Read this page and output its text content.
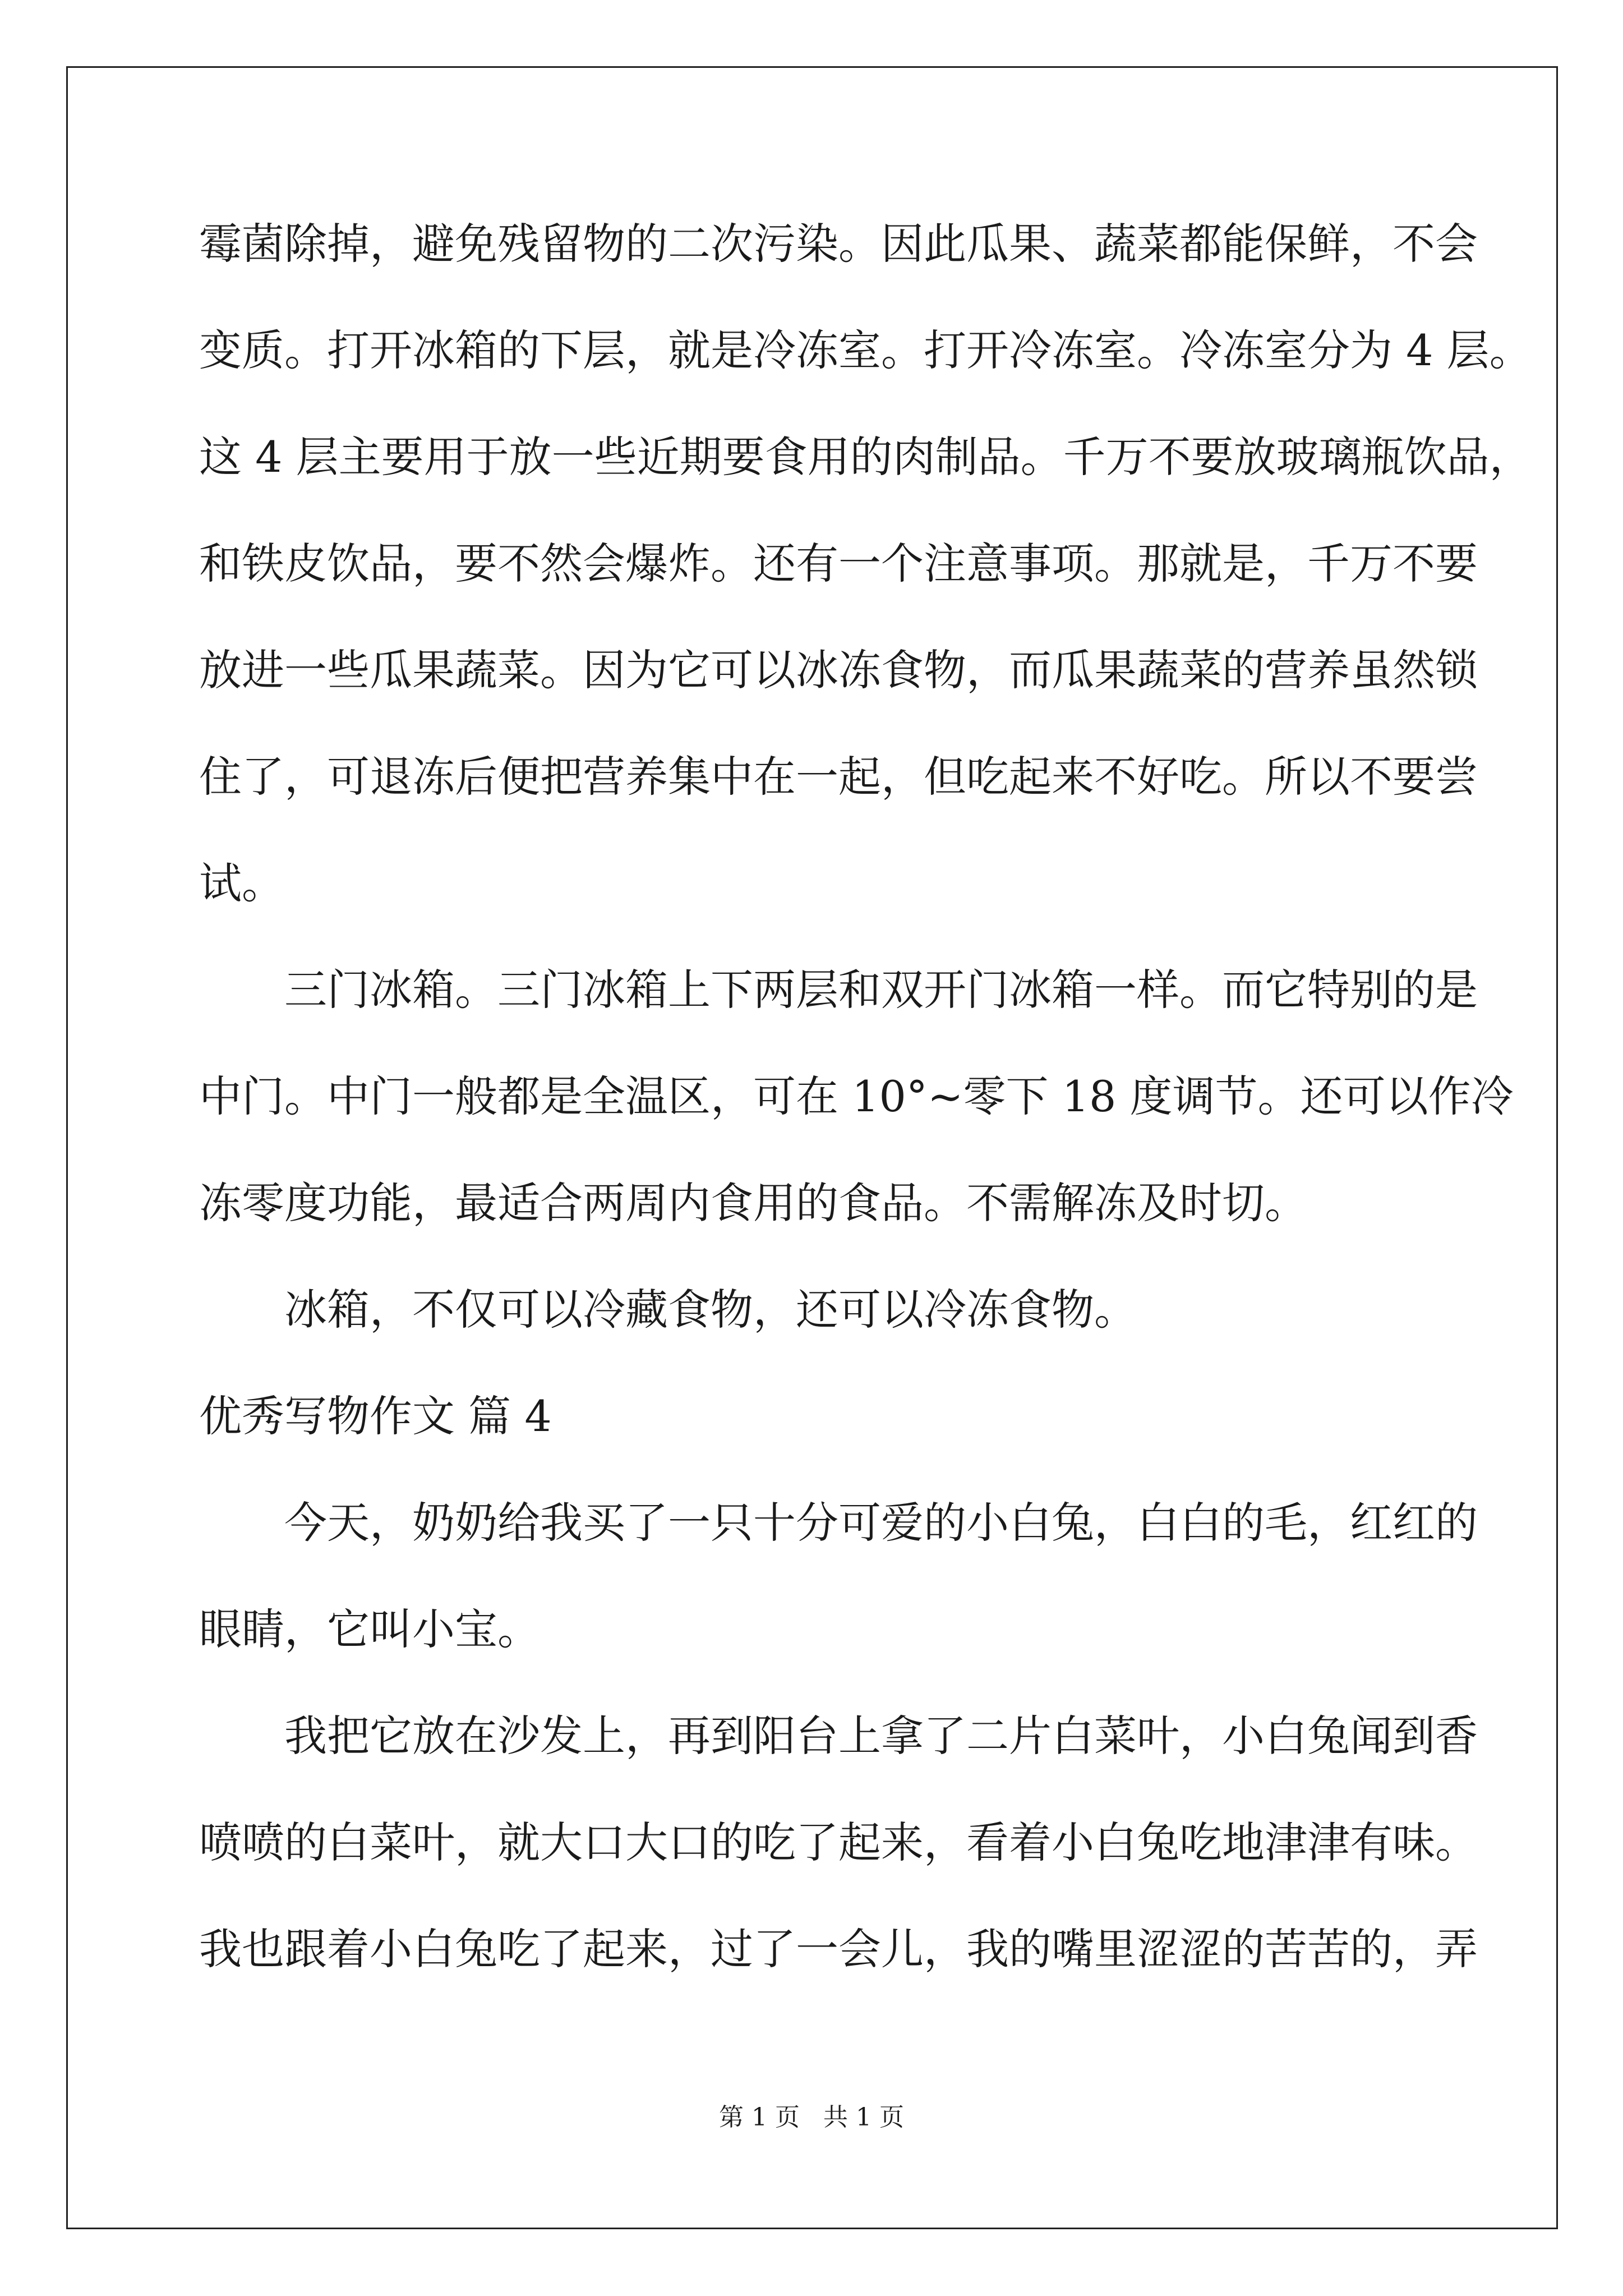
霉菌除掉，避免残留物的二次污染。因此瓜果、蔬菜都能保鲜，不会
变质。打开冰箱的下层，就是冷冻室。打开冷冻室。冷冻室分为 4 层。
这 4 层主要用于放一些近期要食用的肉制品。千万不要放玻璃瓶饮品，
和铁皮饮品，要不然会爆炸。还有一个注意事项。那就是，千万不要
放进一些瓜果蔬菜。因为它可以冰冻食物，而瓜果蔬菜的营养虽然锁
住了，可退冻后便把营养集中在一起，但吃起来不好吃。所以不要尝
试。
三门冰箱。三门冰箱上下两层和双开门冰箱一样。而它特别的是
中门。中门一般都是全温区，可在 10°~零下 18 度调节。还可以作冷
冻零度功能，最适合两周内食用的食品。不需解冻及时切。
冰箱，不仅可以冷藏食物，还可以冷冻食物。
优秀写物作文 篇 4
今天，奶奶给我买了一只十分可爱的小白兔，白白的毛，红红的
眼睛，它叫小宝。
我把它放在沙发上，再到阳台上拿了二片白菜叶，小白兔闻到香
喷喷的白菜叶，就大口大口的吃了起来，看着小白兔吃地津津有味。
我也跟着小白兔吃了起来，过了一会儿，我的嘴里涩涩的苦苦的，弄
第 1 页   共 1 页
